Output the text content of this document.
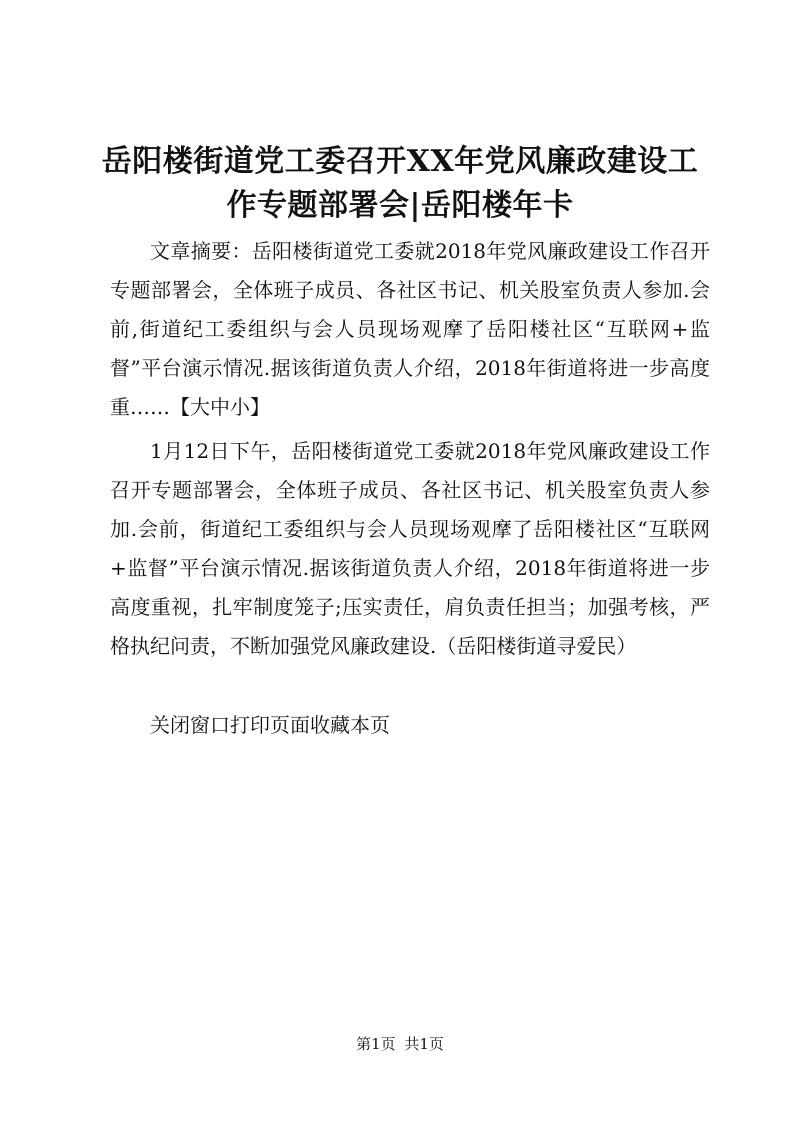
岳阳楼街道党工委召开XX年党风廉政建设工
作专题部署会|岳阳楼年卡

文章摘要：岳阳楼街道党工委就2018年党风廉政建设工作召开专题部署会，全体班子成员、各社区书记、机关股室负责人参加.会前,街道纪工委组织与会人员现场观摩了岳阳楼社区“互联网+监督”平台演示情况.据该街道负责人介绍，2018年街道将进一步高度重……【大中小】

1月12日下午，岳阳楼街道党工委就2018年党风廉政建设工作召开专题部署会，全体班子成员、各社区书记、机关股室负责人参加.会前，街道纪工委组织与会人员现场观摩了岳阳楼社区“互联网+监督”平台演示情况.据该街道负责人介绍，2018年街道将进一步高度重视，扎牢制度笼子;压实责任，肩负责任担当；加强考核，严格执纪问责，不断加强党风廉政建设.（岳阳楼街道寻爱民）

关闭窗口打印页面收藏本页
第1页 共1页
